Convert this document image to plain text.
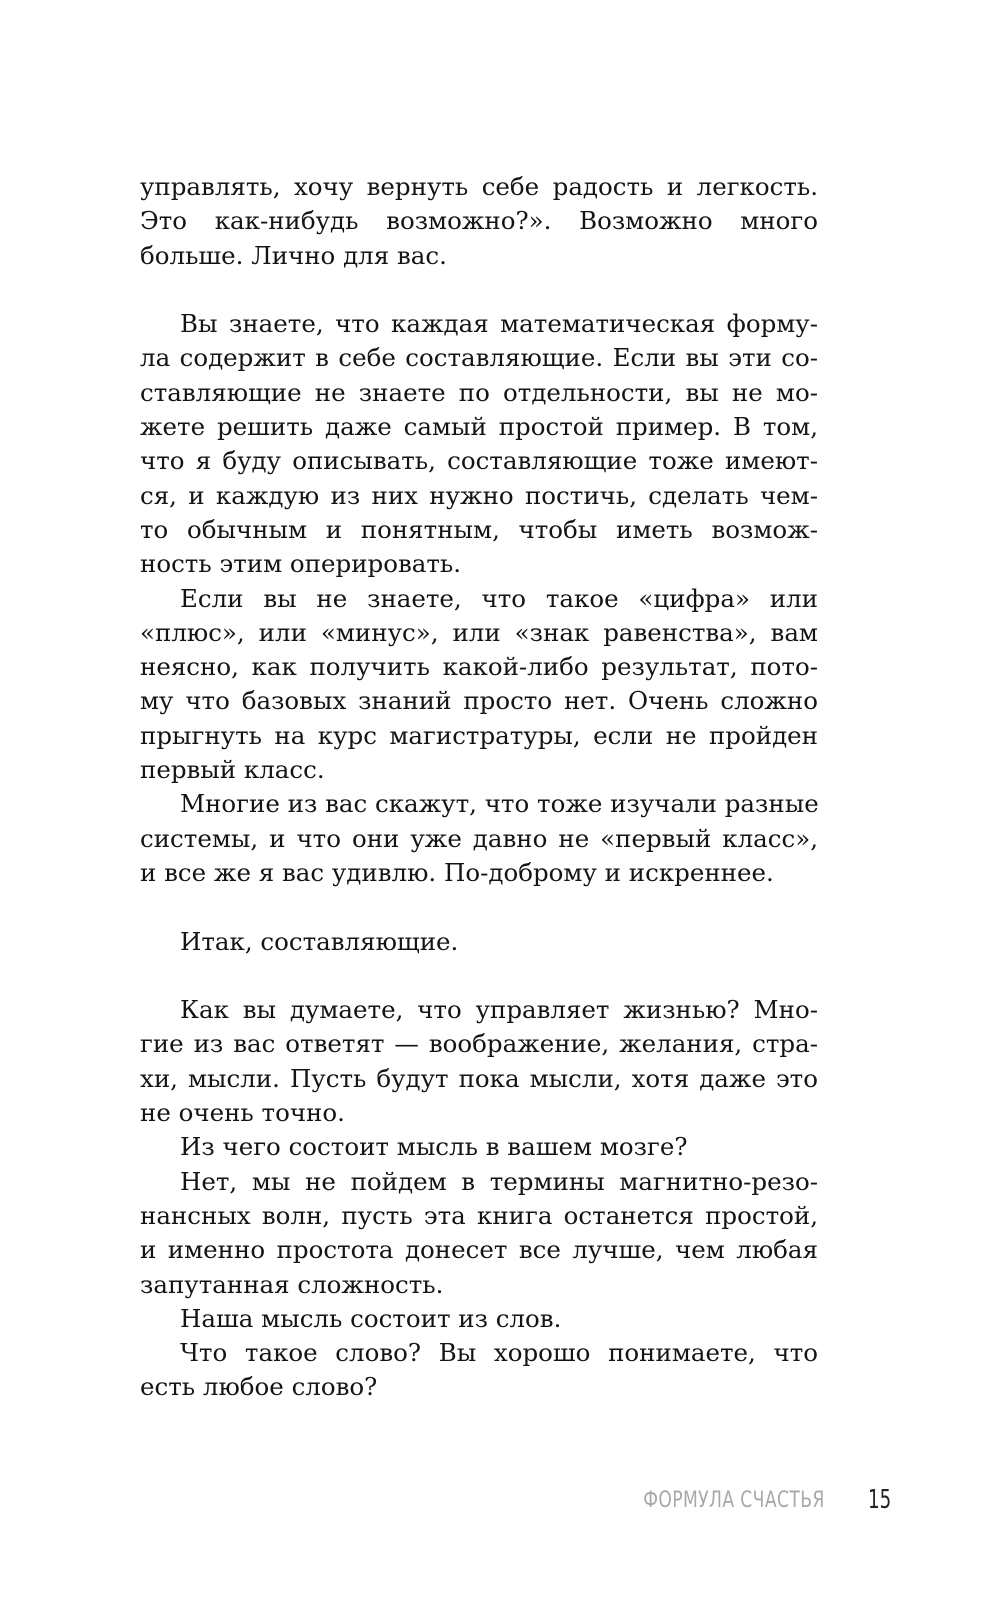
управлять, хочу вернуть себе радость и легкость.
Это как-нибудь возможно?». Возможно много
больше. Лично для вас.
Вы знаете, что каждая математическая форму-
ла содержит в себе составляющие. Если вы эти со-
ставляющие не знаете по отдельности, вы не мо-
жете решить даже самый простой пример. В том,
что я буду описывать, составляющие тоже имеют-
ся, и каждую из них нужно постичь, сделать чем-
то обычным и понятным, чтобы иметь возмож-
ность этим оперировать.
Если вы не знаете, что такое «цифра» или
«плюс», или «минус», или «знак равенства», вам
неясно, как получить какой-либо результат, пото-
му что базовых знаний просто нет. Очень сложно
прыгнуть на курс магистратуры, если не пройден
первый класс.
Многие из вас скажут, что тоже изучали разные
системы, и что они уже давно не «первый класс»,
и все же я вас удивлю. По-доброму и искреннее.
Итак, составляющие.
Как вы думаете, что управляет жизнью? Мно-
гие из вас ответят — воображение, желания, стра-
хи, мысли. Пусть будут пока мысли, хотя даже это
не очень точно.
Из чего состоит мысль в вашем мозге?
Нет, мы не пойдем в термины магнитно-резо-
нансных волн, пусть эта книга останется простой,
и именно простота донесет все лучше, чем любая
запутанная сложность.
Наша мысль состоит из слов.
Что такое слово? Вы хорошо понимаете, что
есть любое слово?
ФОРМУЛА СЧАСТЬЯ 15
